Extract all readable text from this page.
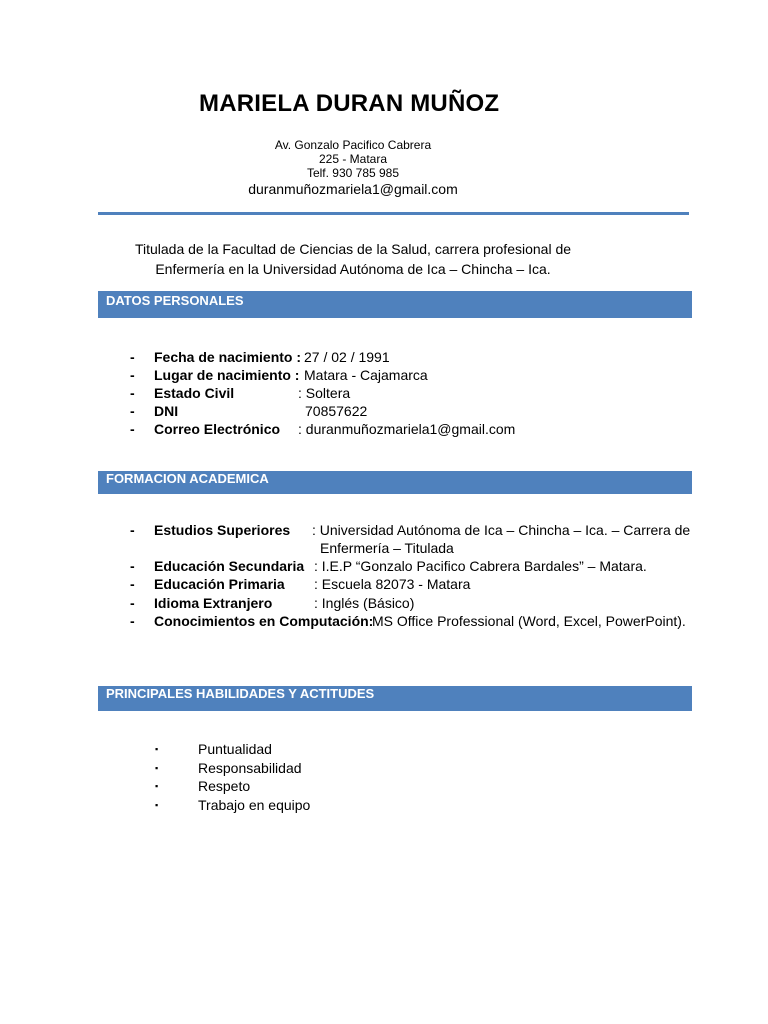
MARIELA DURAN MUÑOZ
Av. Gonzalo Pacifico Cabrera
225 - Matara
Telf. 930 785 985
duranmuñozmariela1@gmail.com
Titulada de la Facultad de Ciencias de la Salud, carrera profesional de
Enfermería en la Universidad Autónoma de Ica – Chincha – Ica.
DATOS PERSONALES
- Fecha de nacimiento : 27 / 02 / 1991
- Lugar de nacimiento : Matara - Cajamarca
- Estado Civil	: Soltera
- DNI	70857622
- Correo Electrónico : duranmuñozmariela1@gmail.com
FORMACION ACADEMICA
- Estudios Superiores : Universidad Autónoma de Ica – Chincha – Ica. – Carrera de
Enfermería – Titulada
- Educación Secundaria : I.E.P “Gonzalo Pacifico Cabrera Bardales” – Matara.
- Educación Primaria : Escuela 82073 - Matara
- Idioma Extranjero	: Inglés (Básico)
- Conocimientos en Computación:
MS Office Professional (Word, Excel, PowerPoint).
PRINCIPALES HABILIDADES Y ACTITUDES
▪	Puntualidad
▪	Responsabilidad
▪	Respeto
▪	Trabajo en equipo
